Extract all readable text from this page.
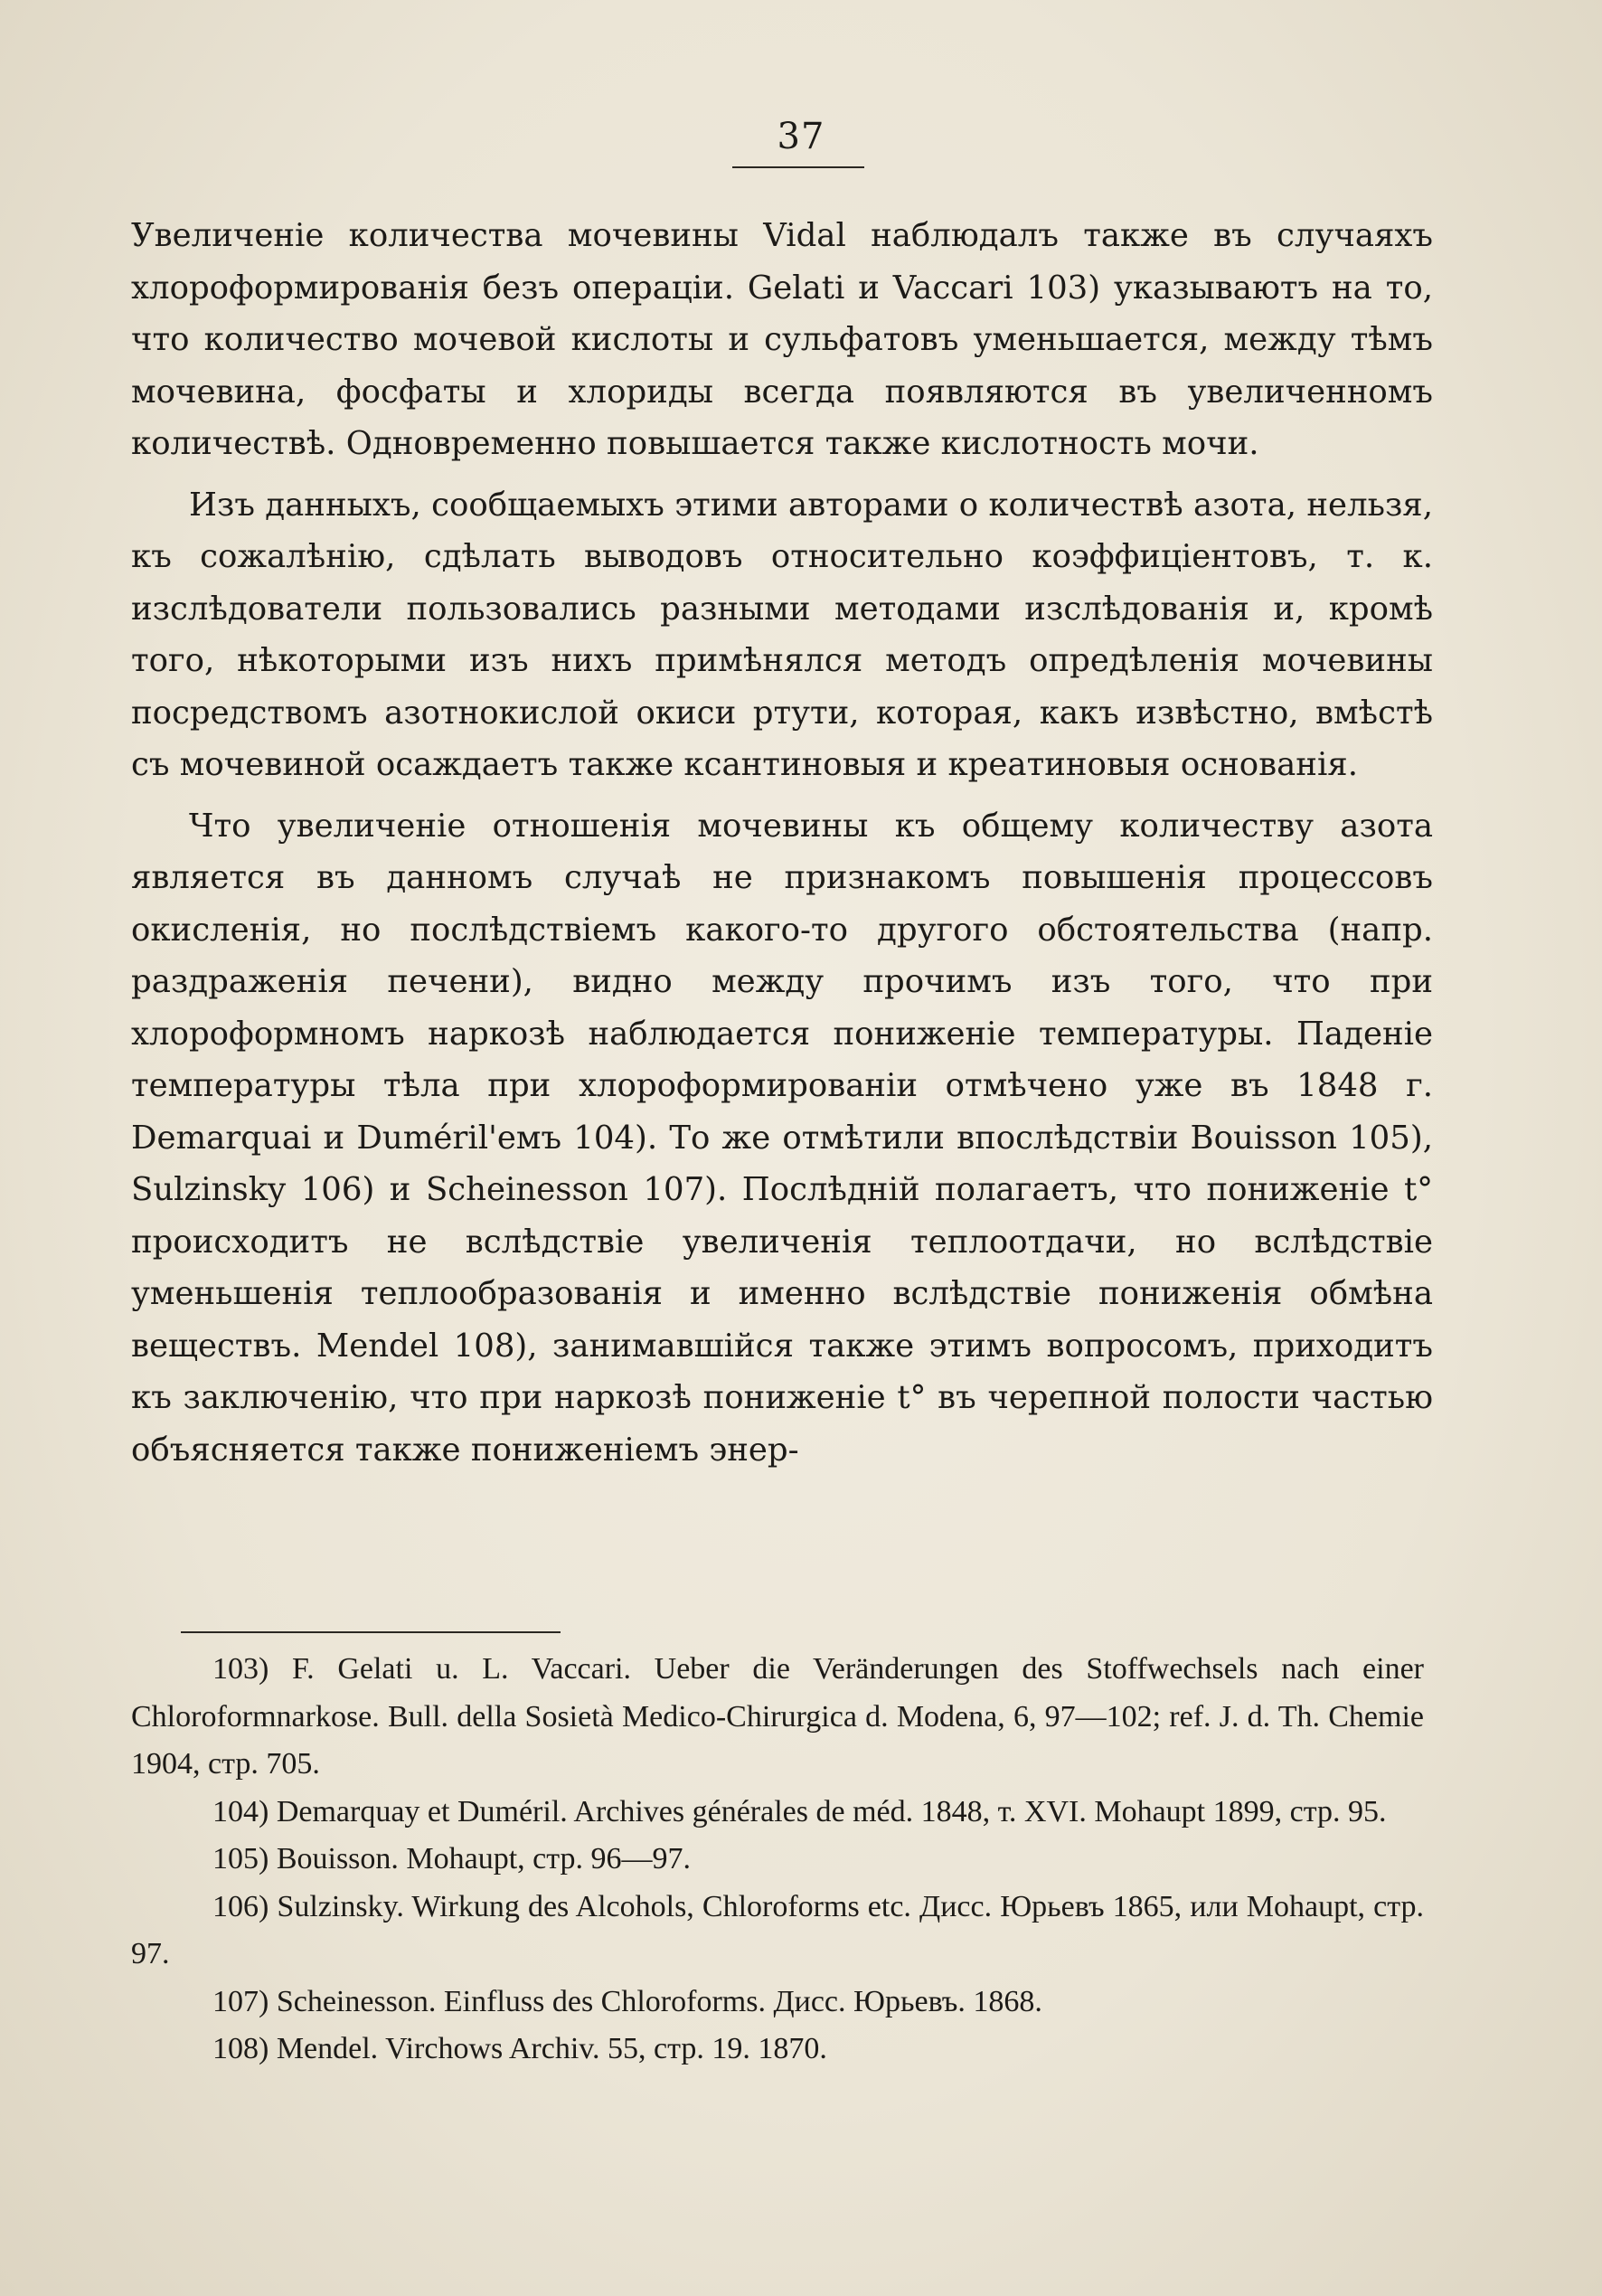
37

Увеличеніе количества мочевины Vidal наблюдалъ также въ случаяхъ хлороформированія безъ операціи. Gelati и Vaccari 103) указываютъ на то, что количество мочевой кислоты и сульфатовъ уменьшается, между тѣмъ мочевина, фосфаты и хлориды всегда появляются въ увеличенномъ количествѣ. Одновременно повышается также кислотность мочи.

Изъ данныхъ, сообщаемыхъ этими авторами о количествѣ азота, нельзя, къ сожалѣнію, сдѣлать выводовъ относительно коэффиціентовъ, т. к. изслѣдователи пользовались разными методами изслѣдованія и, кромѣ того, нѣкоторыми изъ нихъ примѣнялся методъ опредѣленія мочевины посредствомъ азотнокислой окиси ртути, которая, какъ извѣстно, вмѣстѣ съ мочевиной осаждаетъ также ксантиновыя и креатиновыя основанія.

Что увеличеніе отношенія мочевины къ общему количеству азота является въ данномъ случаѣ не признакомъ повышенія процессовъ окисленія, но послѣдствіемъ какого-то другого обстоятельства (напр. раздраженія печени), видно между прочимъ изъ того, что при хлороформномъ наркозѣ наблюдается пониженіе температуры. Паденіе температуры тѣла при хлороформированіи отмѣчено уже въ 1848 г. Demarquai и Duméril'емъ 104). То же отмѣтили впослѣдствіи Bouisson 105), Sulzinsky 106) и Scheinesson 107). Послѣдній полагаетъ, что пониженіе t° происходитъ не вслѣдствіе увеличенія теплоотдачи, но вслѣдствіе уменьшенія теплообразованія и именно вслѣдствіе пониженія обмѣна веществъ. Mendel 108), занимавшійся также этимъ вопросомъ, приходитъ къ заключенію, что при наркозѣ пониженіе t° въ черепной полости частью объясняется также пониженіемъ энер-

103) F. Gelati u. L. Vaccari. Ueber die Veränderungen des Stoffwechsels nach einer Chloroformnarkose. Bull. della Sosietà Medico-Chirurgica d. Modena, 6, 97—102; ref. J. d. Th. Chemie 1904, стр. 705.

104) Demarquay et Duméril. Archives générales de méd. 1848, т. XVI. Mohaupt 1899, стр. 95.

105) Bouisson. Mohaupt, стр. 96—97.

106) Sulzinsky. Wirkung des Alcohols, Chloroforms etc. Дисс. Юрьевъ 1865, или Mohaupt, стр. 97.

107) Scheinesson. Einfluss des Chloroforms. Дисс. Юрьевъ. 1868.

108) Mendel. Virchows Archiv. 55, стр. 19. 1870.
